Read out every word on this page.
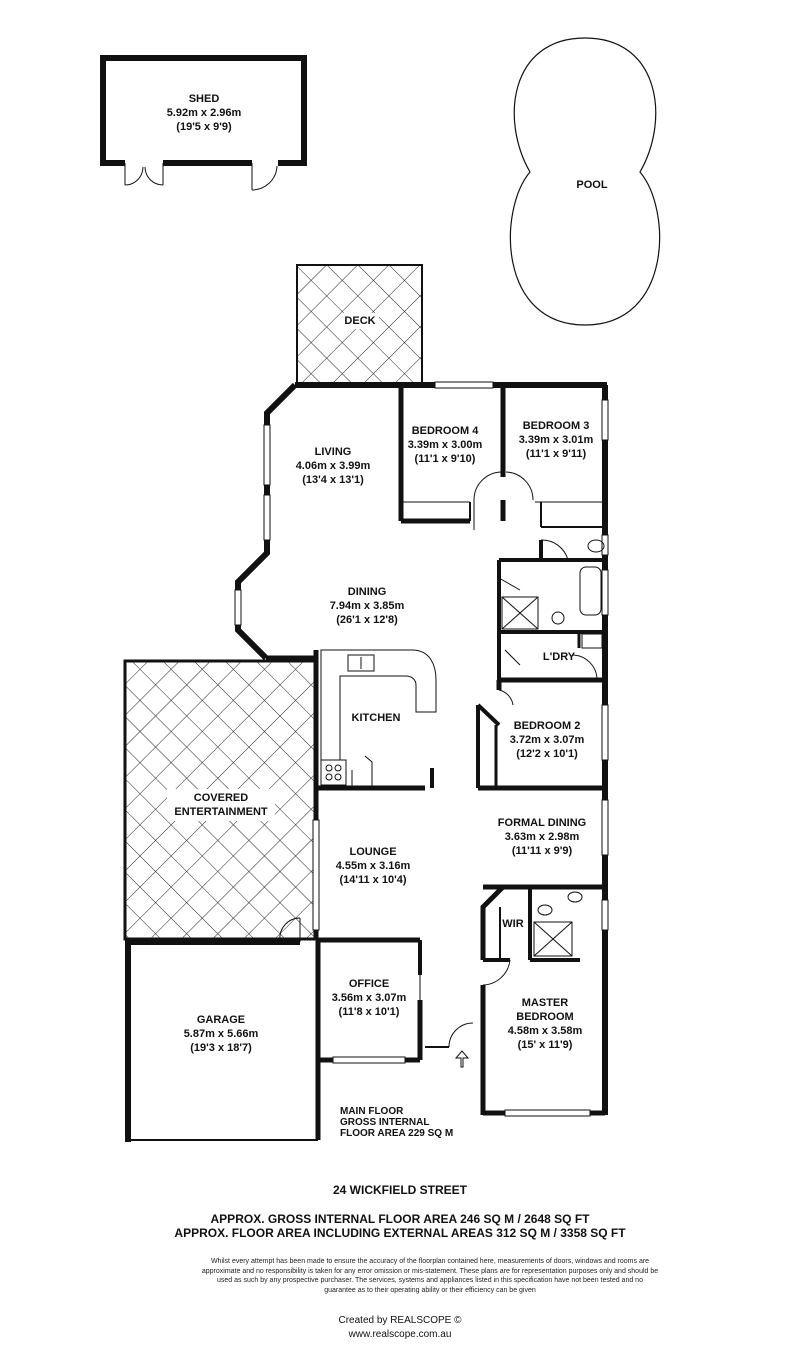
SHED
5.92m x 2.96m
(19'5 x 9'9)
POOL
DECK
BEDROOM 4
3.39m x 3.00m
(11'1 x 9'10)
BEDROOM 3
3.39m x 3.01m
(11'1 x 9'11)
LIVING
4.06m x 3.99m
(13'4 x 13'1)
DINING
7.94m x 3.85m
(26'1 x 12'8)
L'DRY
KITCHEN
BEDROOM 2
3.72m x 3.07m
(12'2 x 10'1)
COVERED
ENTERTAINMENT
FORMAL DINING
3.63m x 2.98m
(11'11 x 9'9)
LOUNGE
4.55m x 3.16m
(14'11 x 10'4)
WIR
MASTER
BEDROOM
4.58m x 3.58m
(15' x 11'9)
OFFICE
3.56m x 3.07m
(11'8 x 10'1)
GARAGE
5.87m x 5.66m
(19'3 x 18'7)
MAIN FLOOR
GROSS INTERNAL
FLOOR AREA 229 SQ M
24 WICKFIELD STREET
APPROX. GROSS INTERNAL FLOOR AREA 246 SQ M / 2648 SQ FT
APPROX. FLOOR AREA INCLUDING EXTERNAL AREAS 312 SQ M / 3358 SQ FT
Whilst every attempt has been made to ensure the accuracy of the floorplan contained here, measurements of doors, windows and rooms are
approximate and no responsibility is taken for any error omission or mis-statement. These plans are for representation purposes only and should be
used as such by any prospective purchaser. The services, systems and appliances listed in this specification have not been tested and no
guarantee as to their operating ability or their efficiency can be given
Created by REALSCOPE ©
www.realscope.com.au
